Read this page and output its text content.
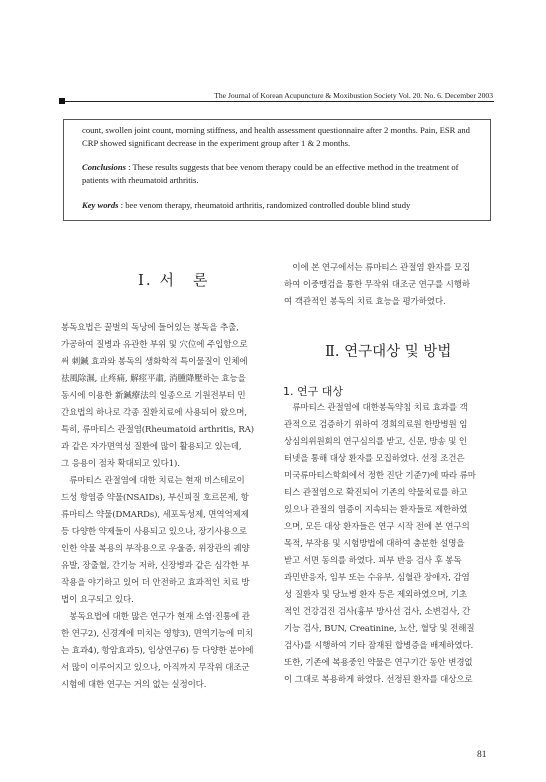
The Journal of Korean Acupuncture & Moxibustion Society Vol. 20. No. 6. December 2003

count, swollen joint count, morning stiffness, and health assessment questionnaire after 2 months. Pain, ESR and CRP showed significant decrease in the experiment group after 1 & 2 months.

Conclusions : These results suggests that bee venom therapy could be an effective method in the treatment of patients with rheumatoid arthritis.

Key words : bee venom therapy, rheumatoid arthritis, randomized controlled double blind study

Ⅰ. 서　론
　이에 본 연구에서는 류마티스 관절염 환자를 모집
하여 이중맹검을 통한 무작위 대조군 연구를 시행하
여 객관적인 봉독의 치료 효능을 평가하였다.
Ⅱ. 연구대상 및 방법
1. 연구 대상
봉독요법은 꿀벌의 독낭에 들어있는 봉독을 추출,
가공하여 질병과 유관한 부위 및 穴位에 주입함으로
써 刺鍼 효과와 봉독의 생화학적 특이물질이 인체에
祛風除濕, 止疼痛, 解痙平肅, 消腫降壓하는 효능을
동시에 이용한 新鍼療法의 일종으로 기원전부터 민
간요법의 하나로 각종 질환치료에 사용되어 왔으며,
특히, 류마티스 관절염(Rheumatoid arthritis, RA)
과 같은 자가면역성 질환에 많이 활용되고 있는데,
그 응용이 점차 확대되고 있다1).
　류마티스 관절염에 대한 치료는 현재 비스테로이
드성 항염증 약물(NSAIDs), 부신피질 호르몬제, 항
류마티스 약물(DMARDs), 세포독성제, 면역억제제
등 다양한 약제들이 사용되고 있으나, 장기사용으로
인한 약물 복용의 부작용으로 우울증, 위장관의 궤양
유발, 장출혈, 간기능 저하, 신장병과 같은 심각한 부
작용을 야기하고 있어 더 안전하고 효과적인 치료 방
법이 요구되고 있다.
　봉독요법에 대한 많은 연구가 현재 소염·진통에 관
한 연구2), 신경계에 미치는 영향3), 면역기능에 미치
는 효과4), 항암효과5), 임상연구6) 등 다양한 분야에
서 많이 이루어지고 있으나, 아직까지 무작위 대조군
시험에 대한 연구는 거의 없는 실정이다.
　류마티스 관절염에 대한봉독약침 치료 효과를 객
관적으로 검증하기 위하여 경희의료원 한방병원 임
상심의위원회의 연구심의를 받고, 신문, 방송 및 인
터넷을 통해 대상 환자를 모집하였다. 선정 조건은
미국류마티스학회에서 정한 진단 기준7)에 따라 류마
티스 관절염으로 확진되어 기존의 약물치료를 하고
있으나 관절의 염증이 지속되는 환자들로 제한하였
으며, 모든 대상 환자들은 연구 시작 전에 본 연구의
목적, 부작용 및 시험방법에 대하여 충분한 설명을
받고 서면 동의를 하였다. 피부 반응 검사 후 봉독
과민반응자, 임부 또는 수유부, 심혈관 장애자, 감염
성 질환자 및 당뇨병 환자 등은 제외하였으며, 기초
적인 건강검진 검사(흉부 방사선 검사, 소변검사, 간
기능 검사, BUN, Creatinine, 뇨산, 혈당 및 전해질
검사)를 시행하여 기타 잠재된 합병증을 배제하였다.
또한, 기존에 복용중인 약물은 연구기간 동안 변경없
이 그대로 복용하게 하였다. 선정된 환자를 대상으로
81
